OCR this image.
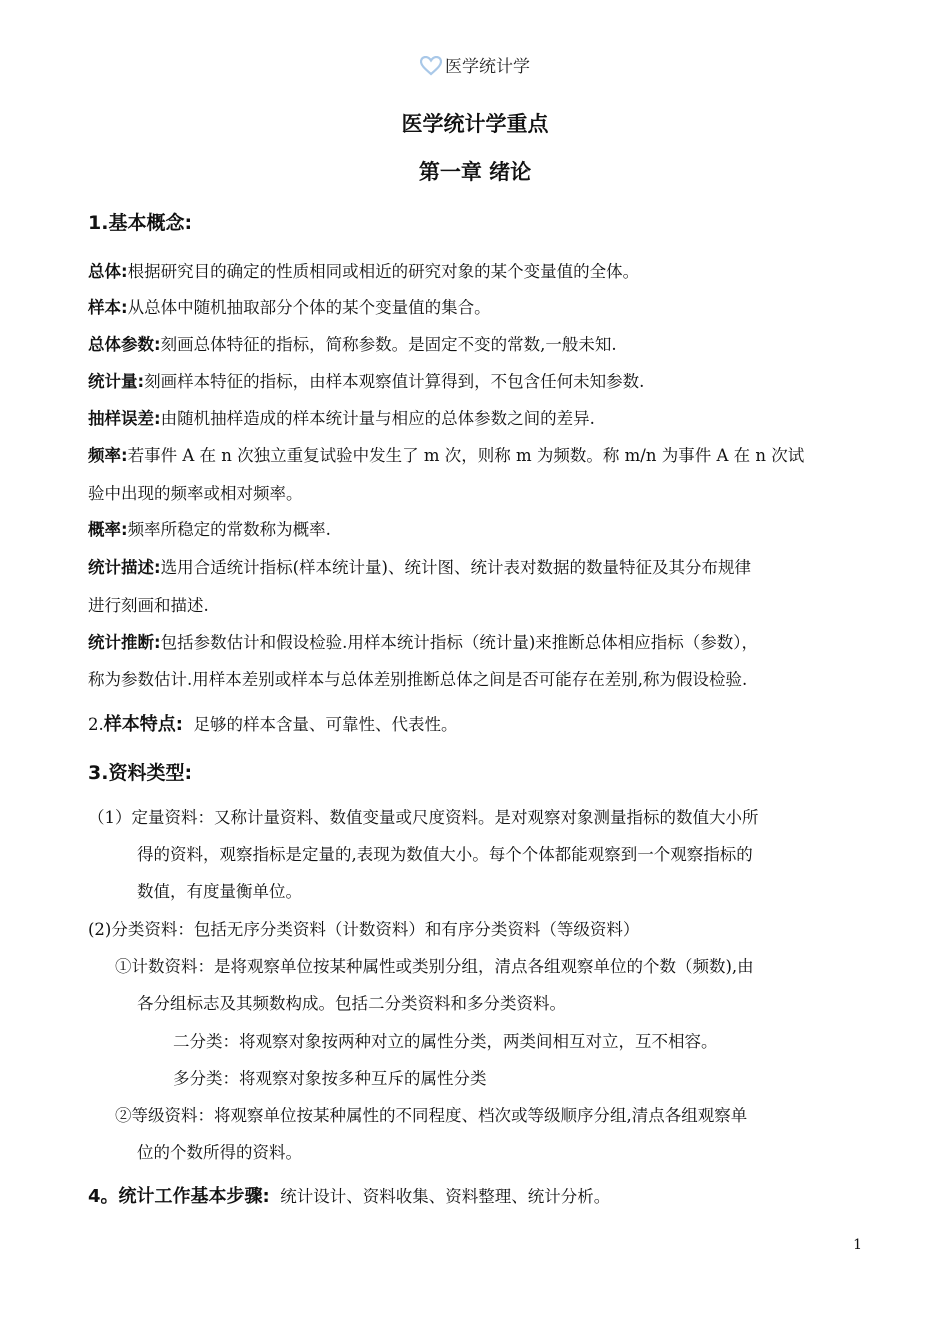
医学统计学
医学统计学重点
第一章 绪论
1.基本概念:
总体:根据研究目的确定的性质相同或相近的研究对象的某个变量值的全体。
样本:从总体中随机抽取部分个体的某个变量值的集合。
总体参数:刻画总体特征的指标，简称参数。是固定不变的常数,一般未知.
统计量:刻画样本特征的指标，由样本观察值计算得到，不包含任何未知参数.
抽样误差:由随机抽样造成的样本统计量与相应的总体参数之间的差异.
频率:若事件 A 在 n 次独立重复试验中发生了 m 次，则称 m 为频数。称 m/n 为事件 A 在 n 次试
验中出现的频率或相对频率。
概率:频率所稳定的常数称为概率.
统计描述:选用合适统计指标(样本统计量)、统计图、统计表对数据的数量特征及其分布规律
进行刻画和描述.
统计推断:包括参数估计和假设检验.用样本统计指标（统计量)来推断总体相应指标（参数），
称为参数估计.用样本差别或样本与总体差别推断总体之间是否可能存在差别,称为假设检验.
2.样本特点: 足够的样本含量、可靠性、代表性。
3.资料类型:
（1）定量资料：又称计量资料、数值变量或尺度资料。是对观察对象测量指标的数值大小所
得的资料，观察指标是定量的,表现为数值大小。每个个体都能观察到一个观察指标的
数值，有度量衡单位。
(2)分类资料：包括无序分类资料（计数资料）和有序分类资料（等级资料）
①计数资料：是将观察单位按某种属性或类别分组，清点各组观察单位的个数（频数),由
各分组标志及其频数构成。包括二分类资料和多分类资料。
二分类：将观察对象按两种对立的属性分类，两类间相互对立，互不相容。
多分类：将观察对象按多种互斥的属性分类
②等级资料：将观察单位按某种属性的不同程度、档次或等级顺序分组,清点各组观察单
位的个数所得的资料。
4。统计工作基本步骤: 统计设计、资料收集、资料整理、统计分析。
1
